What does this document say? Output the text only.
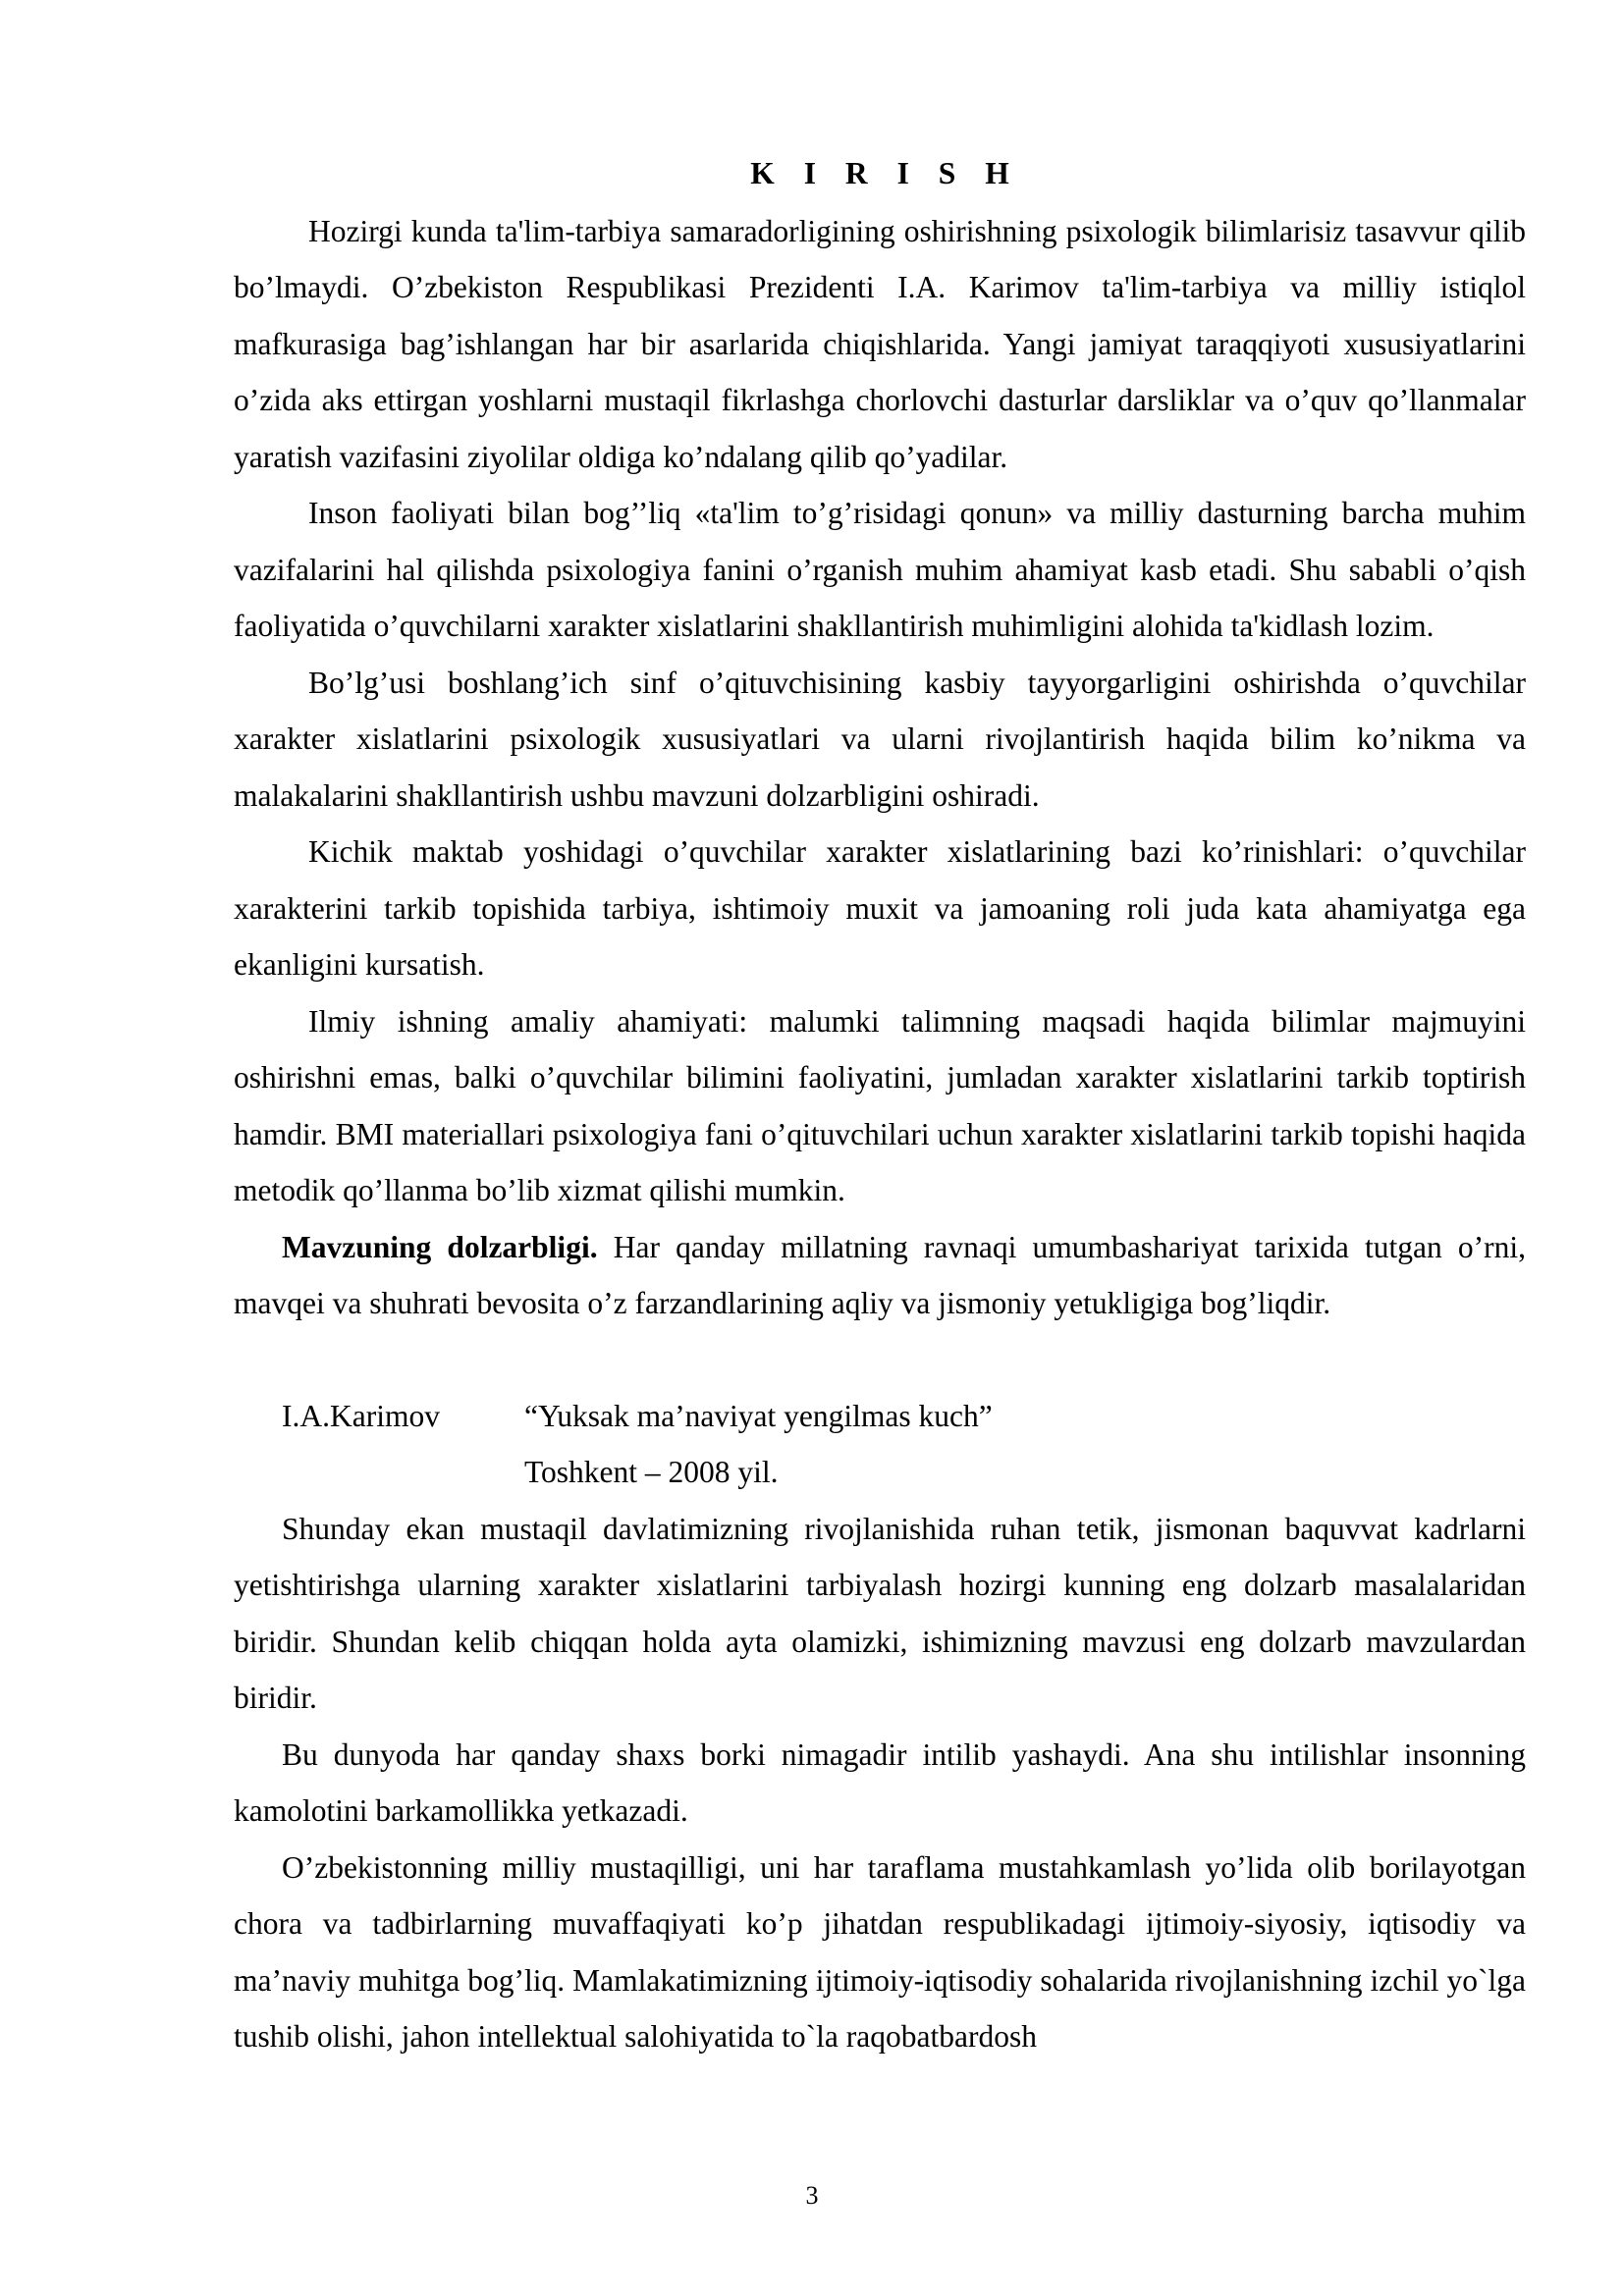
K I R I S H

Hozirgi kunda ta'lim-tarbiya samaradorligining oshirishning psixologik bilimlarisiz tasavvur qilib bo’lmaydi. O’zbekiston Respublikasi Prezidenti I.A. Karimov ta'lim-tarbiya va milliy istiqlol mafkurasiga bag’ishlangan har bir asarlarida chiqishlarida. Yangi jamiyat taraqqiyoti xususiyatlarini o’zida aks ettirgan yoshlarni mustaqil fikrlashga chorlovchi dasturlar darsliklar va o’quv qo’llanmalar yaratish vazifasini ziyolilar oldiga ko’ndalang qilib qo’yadilar.

Inson faoliyati bilan bog’’liq «ta'lim to’g’risidagi qonun» va milliy dasturning barcha muhim vazifalarini hal qilishda psixologiya fanini o’rganish muhim ahamiyat kasb etadi. Shu sababli o’qish faoliyatida o’quvchilarni xarakter xislatlarini shakllantirish muhimligini alohida ta'kidlash lozim.

Bo’lg’usi boshlang’ich sinf o’qituvchisining kasbiy tayyorgarligini oshirishda o’quvchilar xarakter xislatlarini psixologik xususiyatlari va ularni rivojlantirish haqida bilim ko’nikma va malakalarini shakllantirish ushbu mavzuni dolzarbligini oshiradi.

Kichik maktab yoshidagi o’quvchilar xarakter xislatlarining bazi ko’rinishlari: o’quvchilar xarakterini tarkib topishida tarbiya, ishtimoiy muxit va jamoaning roli juda kata ahamiyatga ega ekanligini kursatish.

Ilmiy ishning amaliy ahamiyati: malumki talimning maqsadi haqida bilimlar majmuyini oshirishni emas, balki o’quvchilar bilimini faoliyatini, jumladan xarakter xislatlarini tarkib toptirish hamdir. BMI materiallari psixologiya fani o’qituvchilari uchun xarakter xislatlarini tarkib topishi haqida metodik qo’llanma bo’lib xizmat qilishi mumkin.

Mavzuning dolzarbligi. Har qanday millatning ravnaqi umumbashariyat tarixida tutgan o’rni, mavqei va shuhrati bevosita o’z farzandlarining aqliy va jismoniy yetukligiga bog’liqdir.

I.A.Karimov	“Yuksak ma’naviyat yengilmas kuch”
Toshkent – 2008 yil.

Shunday ekan mustaqil davlatimizning rivojlanishida ruhan tetik, jismonan baquvvat kadrlarni yetishtirishga ularning xarakter xislatlarini tarbiyalash hozirgi kunning eng dolzarb masalalaridan biridir. Shundan kelib chiqqan holda ayta olamizki, ishimizning mavzusi eng dolzarb mavzulardan biridir.

Bu dunyoda har qanday shaxs borki nimagadir intilib yashaydi. Ana shu intilishlar insonning kamolotini barkamollikka yetkazadi.

O’zbekistonning milliy mustaqilligi, uni har taraflama mustahkamlash yo’lida olib borilayotgan chora va tadbirlarning muvaffaqiyati ko’p jihatdan respublikadagi ijtimoiy-siyosiy, iqtisodiy va ma’naviy muhitga bog’liq. Mamlakatimizning ijtimoiy-iqtisodiy sohalarida rivojlanishning izchil yo`lga tushib olishi, jahon intellektual salohiyatida to`la raqobatbardosh

3
